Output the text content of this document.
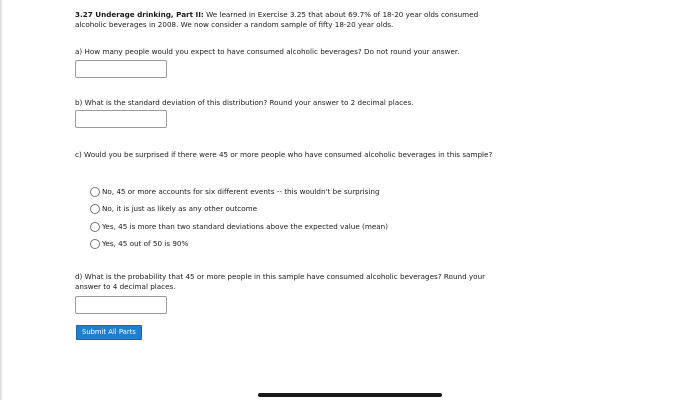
3.27 Underage drinking, Part II: We learned in Exercise 3.25 that about 69.7% of 18-20 year olds consumed alcoholic beverages in 2008. We now consider a random sample of fifty 18-20 year olds.

a) How many people would you expect to have consumed alcoholic beverages? Do not round your answer.

b) What is the standard deviation of this distribution? Round your answer to 2 decimal places.

c) Would you be surprised if there were 45 or more people who have consumed alcoholic beverages in this sample?

d) What is the probability that 45 or more people in this sample have consumed alcoholic beverages? Round your answer to 4 decimal places.

No, 45 or more accounts for six different events -- this wouldn't be surprising
No, it is just as likely as any other outcome
Yes, 45 is more than two standard deviations above the expected value (mean)
Yes, 45 out of 50 is 90%
Submit All Parts
